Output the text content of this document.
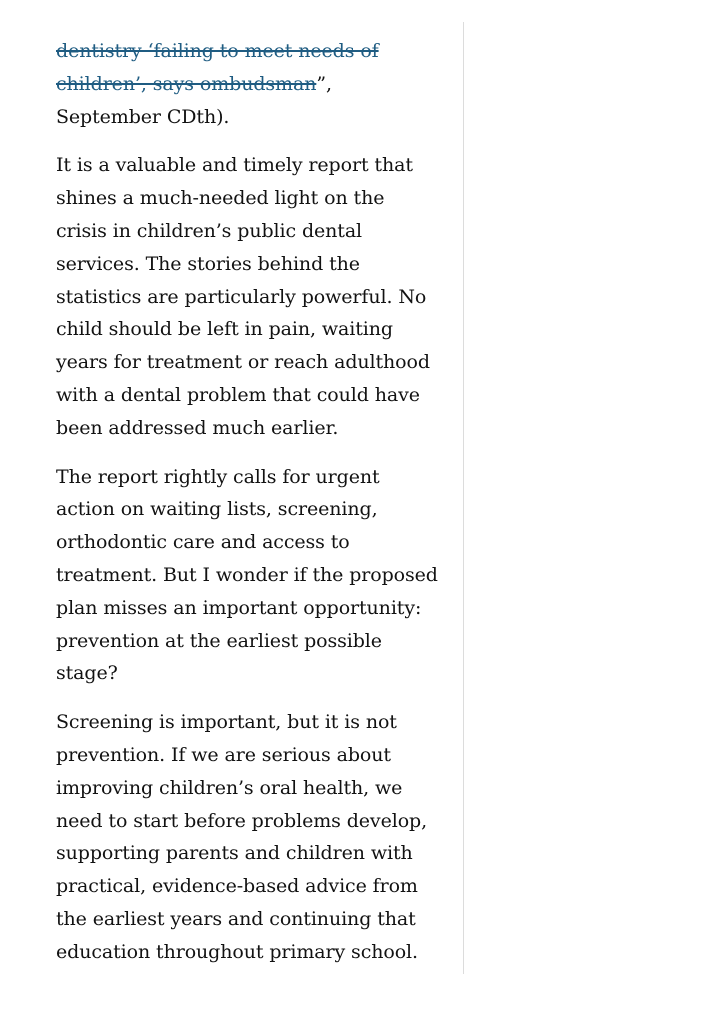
dentistry ‘failing to meet needs of children’, says ombudsman”, September CDth).

It is a valuable and timely report that shines a much-needed light on the crisis in children’s public dental services. The stories behind the statistics are particularly powerful. No child should be left in pain, waiting years for treatment or reach adulthood with a dental problem that could have been addressed much earlier.

The report rightly calls for urgent action on waiting lists, screening, orthodontic care and access to treatment. But I wonder if the proposed plan misses an important opportunity: prevention at the earliest possible stage?

Screening is important, but it is not prevention. If we are serious about improving children’s oral health, we need to start before problems develop, supporting parents and children with practical, evidence-based advice from the earliest years and continuing that education throughout primary school.
